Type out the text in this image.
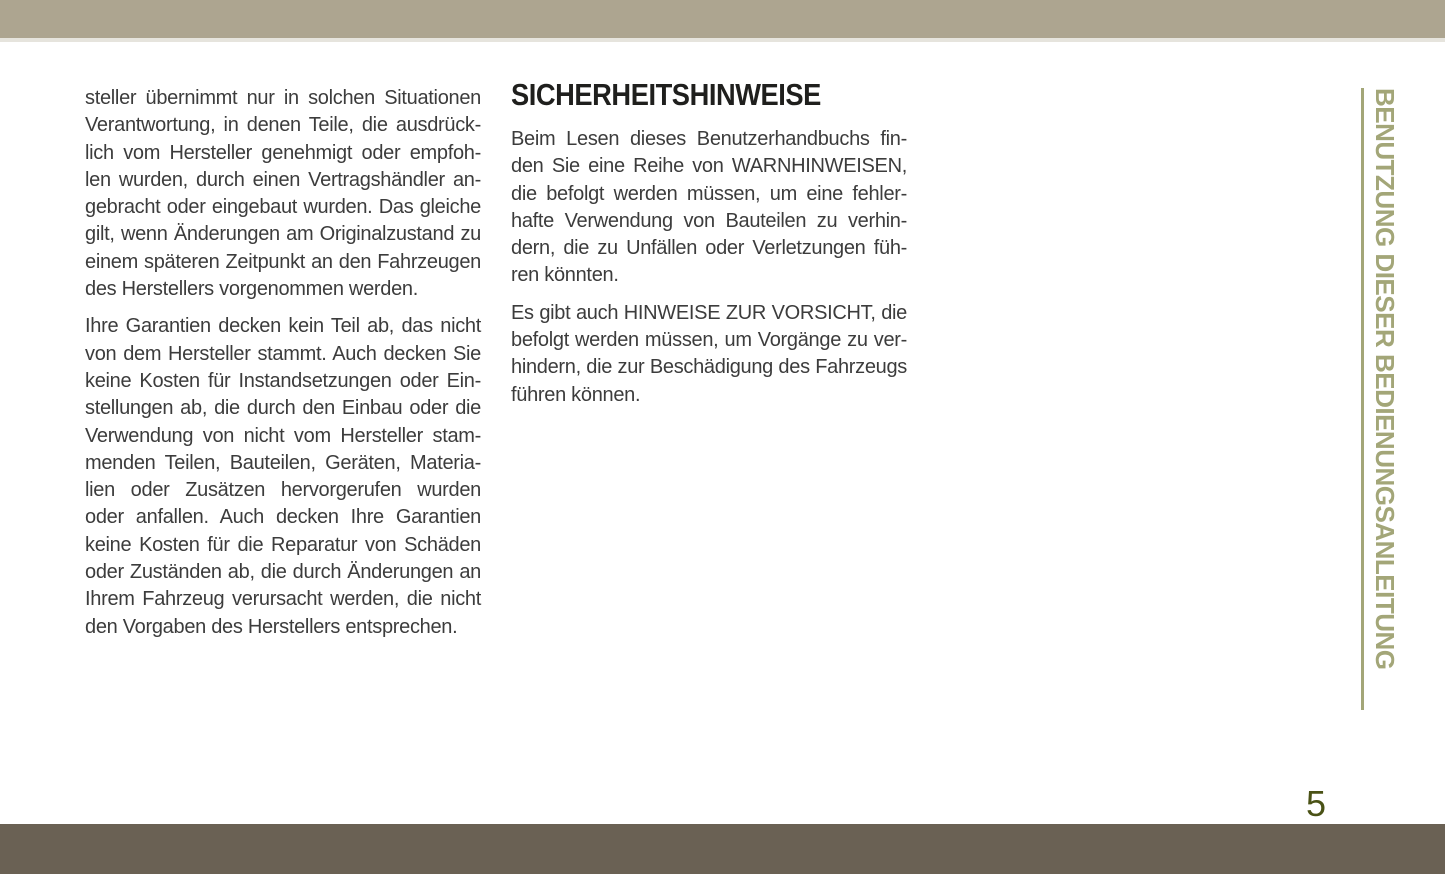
steller übernimmt nur in solchen Situationen
Verantwortung, in denen Teile, die ausdrück-
lich vom Hersteller genehmigt oder empfoh-
len wurden, durch einen Vertragshändler an-
gebracht oder eingebaut wurden. Das gleiche
gilt, wenn Änderungen am Originalzustand zu
einem späteren Zeitpunkt an den Fahrzeugen
des Herstellers vorgenommen werden.
Ihre Garantien decken kein Teil ab, das nicht
von dem Hersteller stammt. Auch decken Sie
keine Kosten für Instandsetzungen oder Ein-
stellungen ab, die durch den Einbau oder die
Verwendung von nicht vom Hersteller stam-
menden Teilen, Bauteilen, Geräten, Materia-
lien oder Zusätzen hervorgerufen wurden
oder anfallen. Auch decken Ihre Garantien
keine Kosten für die Reparatur von Schäden
oder Zuständen ab, die durch Änderungen an
Ihrem Fahrzeug verursacht werden, die nicht
den Vorgaben des Herstellers entsprechen.
SICHERHEITSHINWEISE
Beim Lesen dieses Benutzerhandbuchs fin-
den Sie eine Reihe von WARNHINWEISEN,
die befolgt werden müssen, um eine fehler-
hafte Verwendung von Bauteilen zu verhin-
dern, die zu Unfällen oder Verletzungen füh-
ren könnten.
Es gibt auch HINWEISE ZUR VORSICHT, die
befolgt werden müssen, um Vorgänge zu ver-
hindern, die zur Beschädigung des Fahrzeugs
führen können.	BENUTZUNG DIESER BEDIENUNGSANLEITUNG
5
